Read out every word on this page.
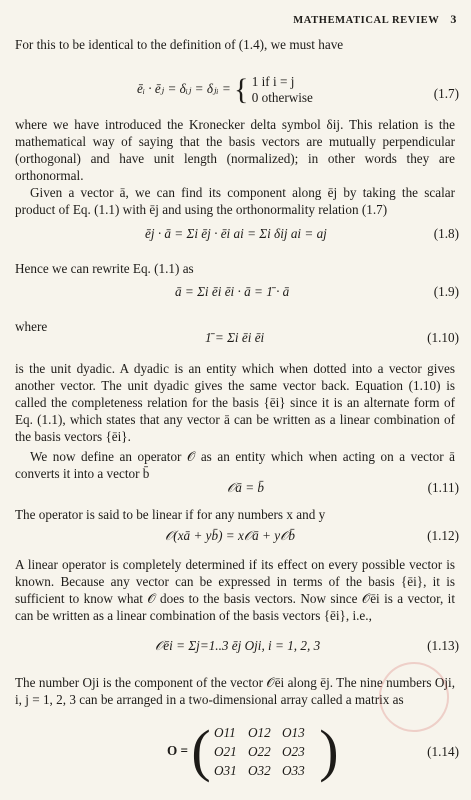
MATHEMATICAL REVIEW 3
For this to be identical to the definition of (1.4), we must have
ēᵢ · ēⱼ = δᵢⱼ = δⱼᵢ = { 1 if i = j
0 otherwise	(1.7)
where we have introduced the Kronecker delta symbol δij. This relation is the mathematical way of saying that the basis vectors are mutually perpendicular (orthogonal) and have unit length (normalized); in other words they are orthonormal.
Given a vector ā, we can find its component along ēj by taking the scalar product of Eq. (1.1) with ēj and using the orthonormality relation (1.7)
ēj · ā = Σi ēj · ēi ai = Σi δij ai = aj	(1.8)
Hence we can rewrite Eq. (1.1) as
ā = Σi ēi ēi · ā = 1̄ · ā	(1.9)
where
1̄ = Σi ēi ēi	(1.10)
is the unit dyadic. A dyadic is an entity which when dotted into a vector gives another vector. The unit dyadic gives the same vector back. Equation (1.10) is called the completeness relation for the basis {ēi} since it is an alternate form of Eq. (1.1), which states that any vector ā can be written as a linear combination of the basis vectors {ēi}.
We now define an operator 𝒪 as an entity which when acting on a vector ā converts it into a vector b̄
𝒪ā = b̄	(1.11)
The operator is said to be linear if for any numbers x and y
𝒪(xā + yb̄) = x𝒪ā + y𝒪b̄	(1.12)
A linear operator is completely determined if its effect on every possible vector is known. Because any vector can be expressed in terms of the basis {ēi}, it is sufficient to know what 𝒪 does to the basis vectors. Now since 𝒪ēi is a vector, it can be written as a linear combination of the basis vectors {ēi}, i.e.,
𝒪ēi = Σj=1..3 ēj Oji, i = 1, 2, 3	(1.13)
The number Oji is the component of the vector 𝒪ēi along ēj. The nine numbers Oji, i, j = 1, 2, 3 can be arranged in a two-dimensional array called a matrix as
O = ( O11 O12 O13
O21 O22 O23
O31 O32 O33 )	(1.14)
